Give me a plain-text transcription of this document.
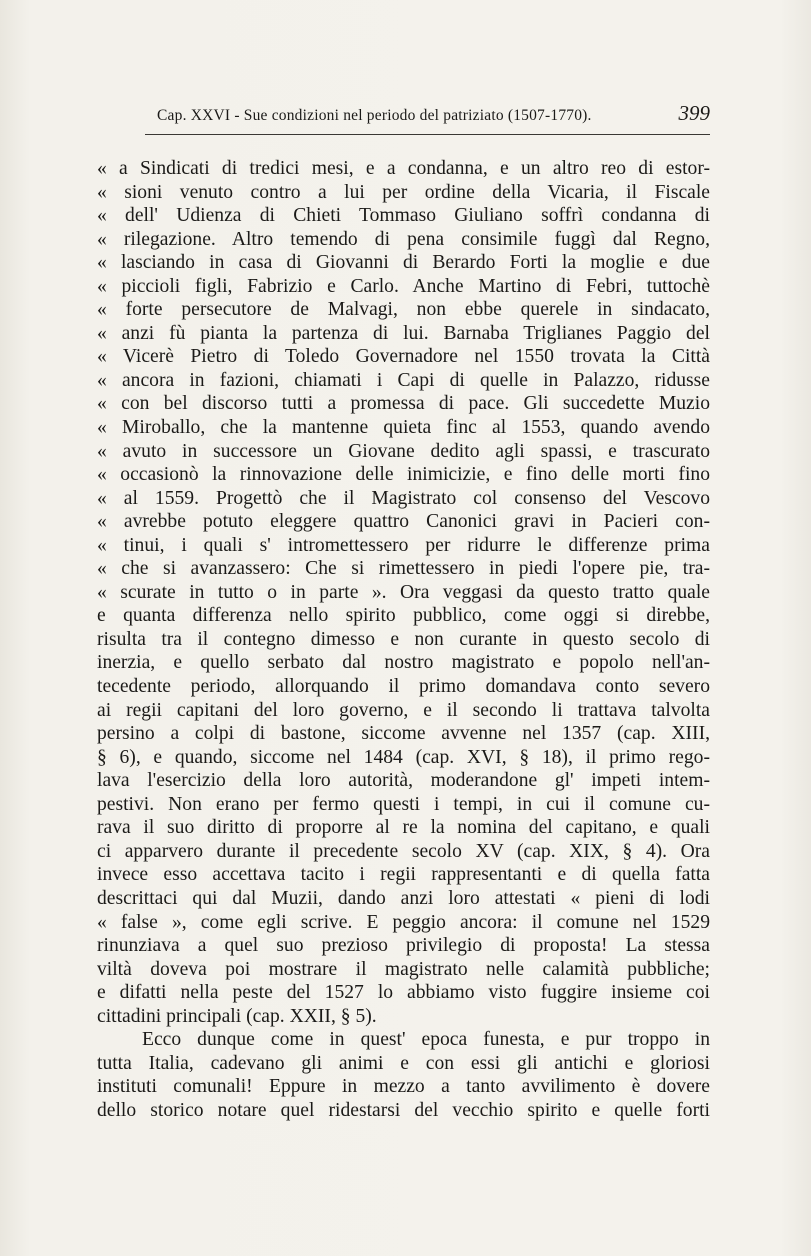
Cap. XXVI - Sue condizioni nel periodo del patriziato (1507-1770).	399
« a Sindicati di tredici mesi, e a condanna, e un altro reo di estor-
« sioni venuto contro a lui per ordine della Vicaria, il Fiscale
« dell' Udienza di Chieti Tommaso Giuliano soffrì condanna di
« rilegazione. Altro temendo di pena consimile fuggì dal Regno,
« lasciando in casa di Giovanni di Berardo Forti la moglie e due
« piccioli figli, Fabrizio e Carlo. Anche Martino di Febri, tuttochè
« forte persecutore de Malvagi, non ebbe querele in sindacato,
« anzi fù pianta la partenza di lui. Barnaba Triglianes Paggio del
« Vicerè Pietro di Toledo Governadore nel 1550 trovata la Città
« ancora in fazioni, chiamati i Capi di quelle in Palazzo, ridusse
« con bel discorso tutti a promessa di pace. Gli succedette Muzio
« Miroballo, che la mantenne quieta finc al 1553, quando avendo
« avuto in successore un Giovane dedito agli spassi, e trascurato
« occasionò la rinnovazione delle inimicizie, e fino delle morti fino
« al 1559. Progettò che il Magistrato col consenso del Vescovo
« avrebbe potuto eleggere quattro Canonici gravi in Pacieri con-
« tinui, i quali s' intromettessero per ridurre le differenze prima
« che si avanzassero: Che si rimettessero in piedi l'opere pie, tra-
« scurate in tutto o in parte ». Ora veggasi da questo tratto quale
e quanta differenza nello spirito pubblico, come oggi si direbbe,
risulta tra il contegno dimesso e non curante in questo secolo di
inerzia, e quello serbato dal nostro magistrato e popolo nell'an-
tecedente periodo, allorquando il primo domandava conto severo
ai regii capitani del loro governo, e il secondo li trattava talvolta
persino a colpi di bastone, siccome avvenne nel 1357 (cap. XIII,
§ 6), e quando, siccome nel 1484 (cap. XVI, § 18), il primo rego-
lava l'esercizio della loro autorità, moderandone gl' impeti intem-
pestivi. Non erano per fermo questi i tempi, in cui il comune cu-
rava il suo diritto di proporre al re la nomina del capitano, e quali
ci apparvero durante il precedente secolo XV (cap. XIX, § 4). Ora
invece esso accettava tacito i regii rappresentanti e di quella fatta
descrittaci qui dal Muzii, dando anzi loro attestati « pieni di lodi
« false », come egli scrive. E peggio ancora: il comune nel 1529
rinunziava a quel suo prezioso privilegio di proposta! La stessa
viltà doveva poi mostrare il magistrato nelle calamità pubbliche;
e difatti nella peste del 1527 lo abbiamo visto fuggire insieme coi
cittadini principali (cap. XXII, § 5).
Ecco dunque come in quest' epoca funesta, e pur troppo in
tutta Italia, cadevano gli animi e con essi gli antichi e gloriosi
instituti comunali! Eppure in mezzo a tanto avvilimento è dovere
dello storico notare quel ridestarsi del vecchio spirito e quelle forti
